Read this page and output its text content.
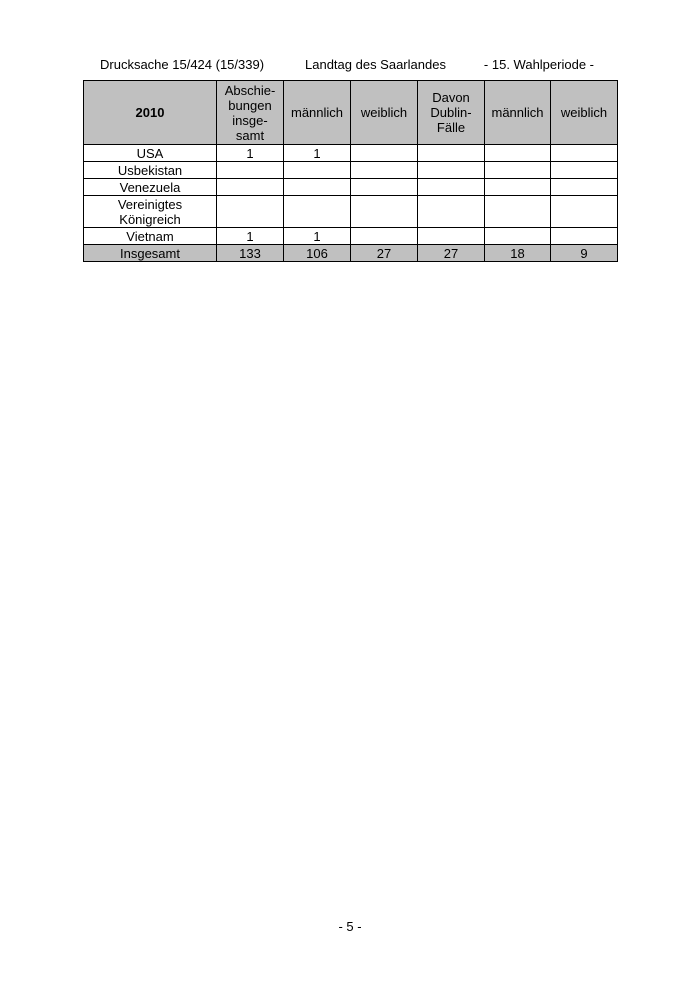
Drucksache 15/424 (15/339)	Landtag des Saarlandes	- 15. Wahlperiode -
2010	Abschie-
bungen
insge-
samt	männlich	weiblich	Davon
Dublin-
Fälle	männlich	weiblich
USA	1	1				
Usbekistan						
Venezuela						
Vereinigtes
Königreich						
Vietnam	1	1				
Insgesamt	133	106	27	27	18	9
- 5 -
